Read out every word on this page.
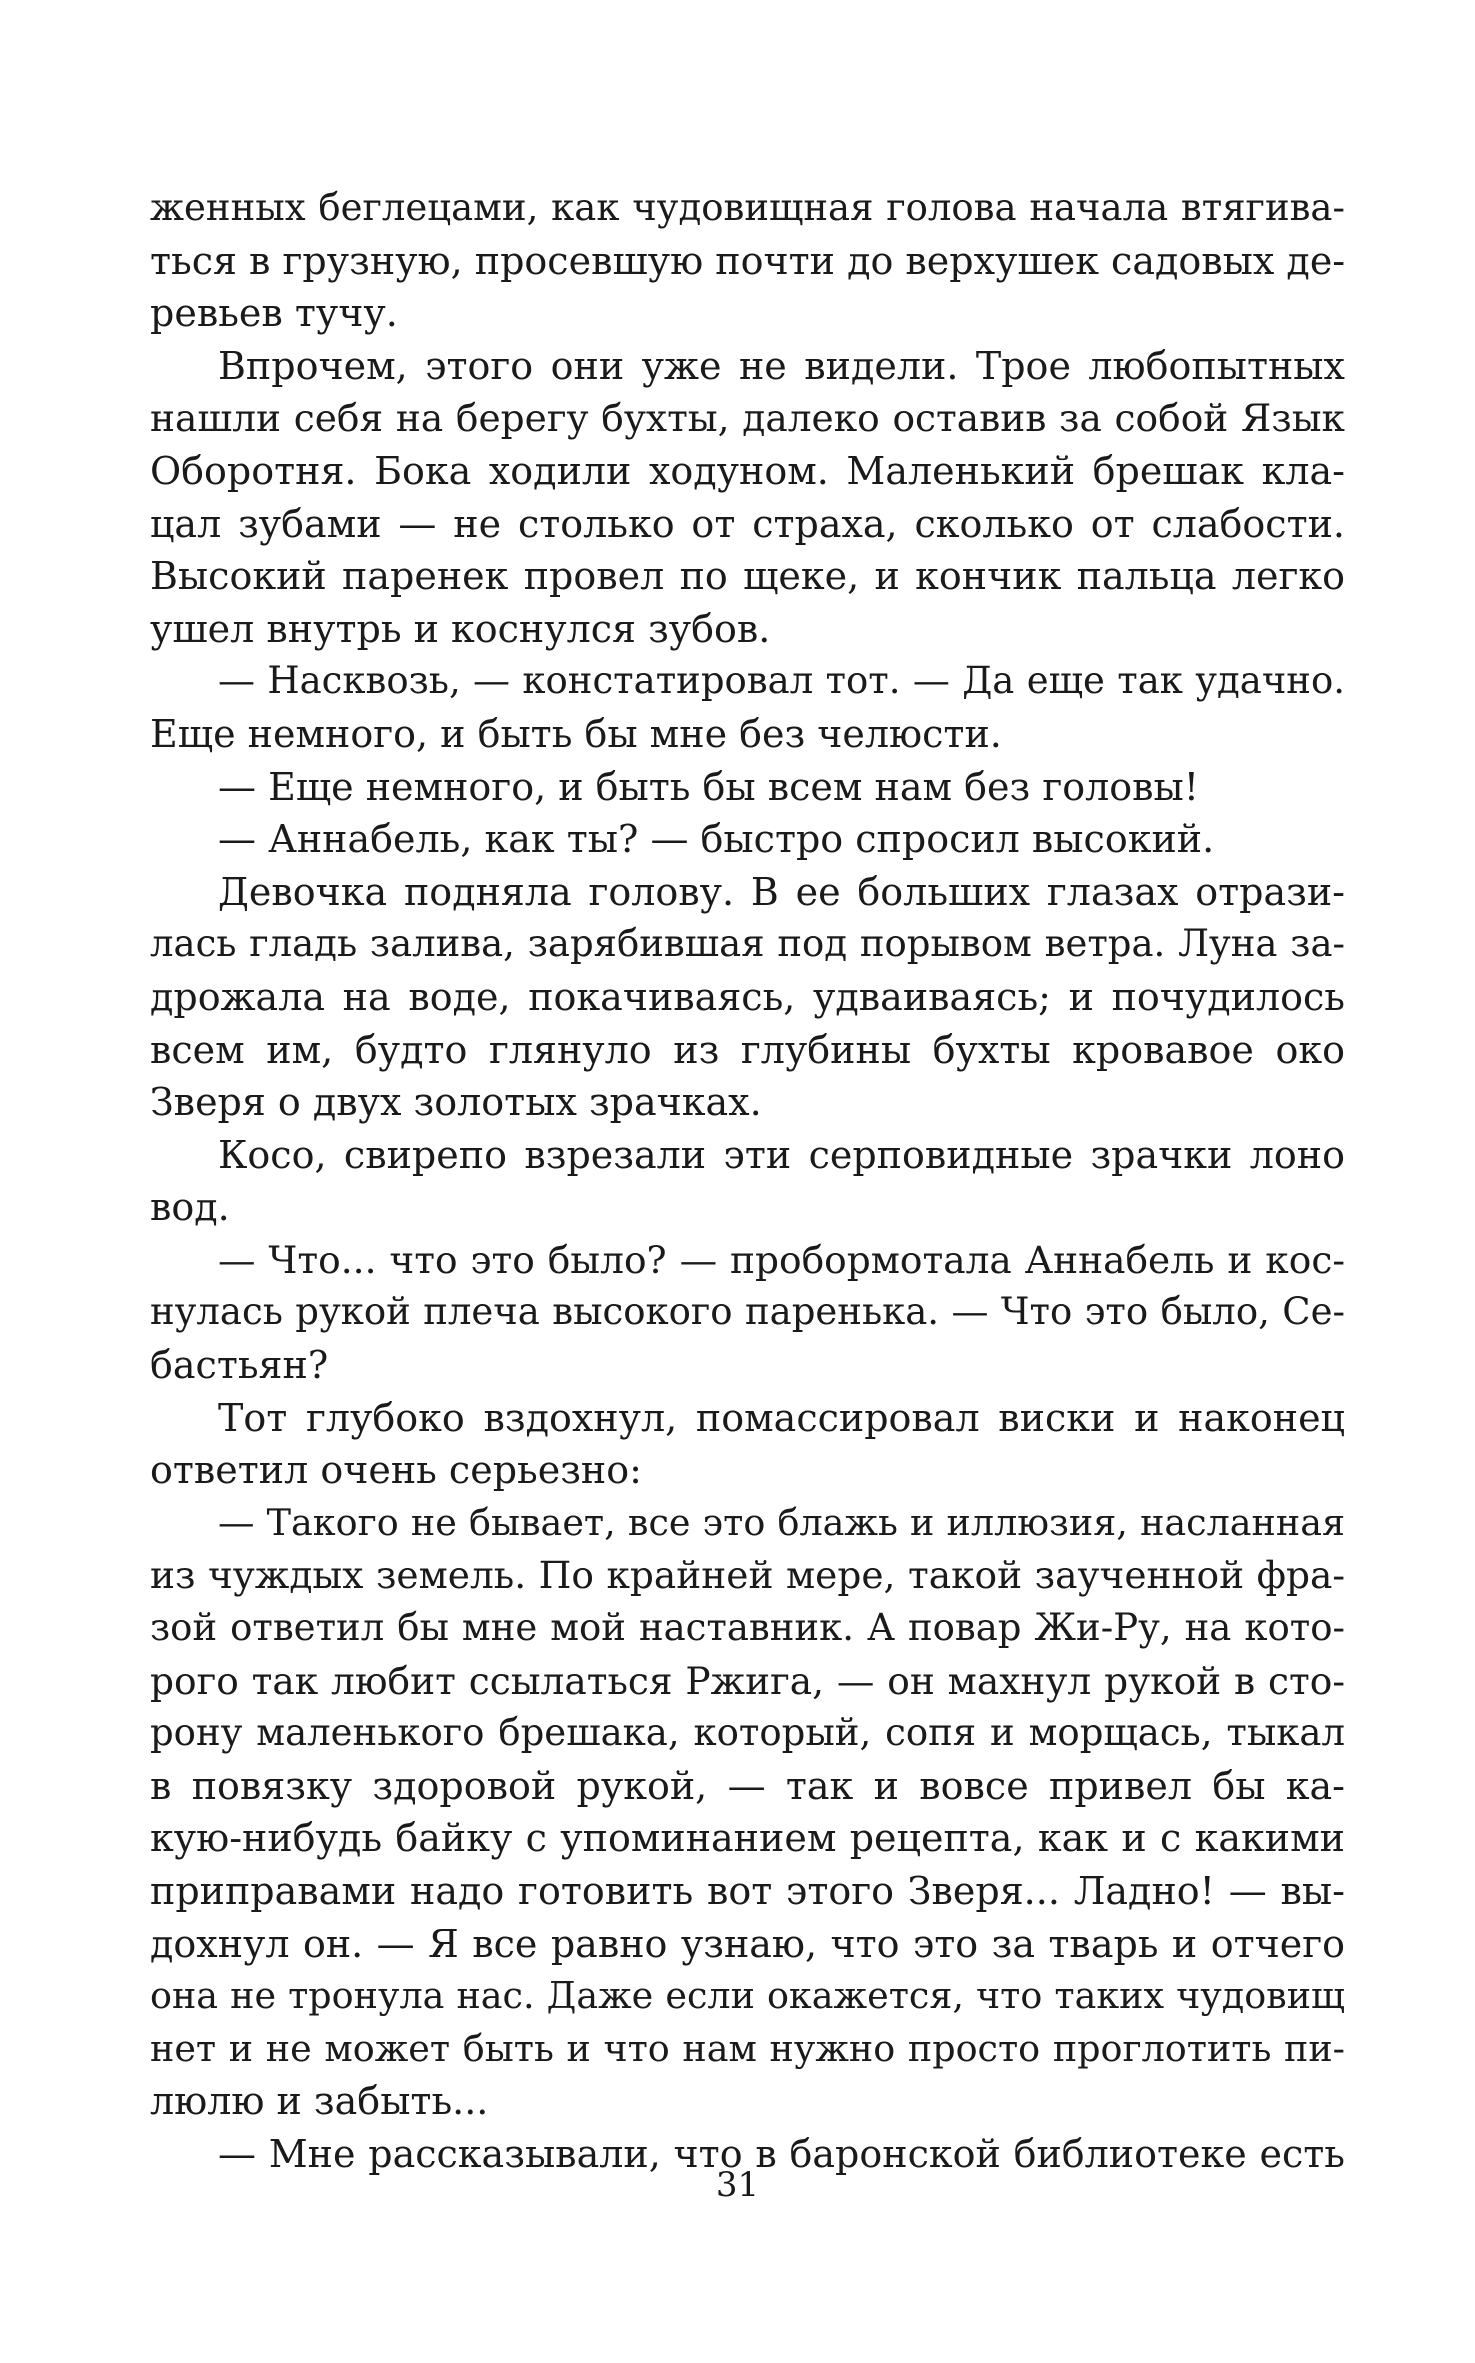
женных беглецами, как чудовищная голова начала втягива-
ться в грузную, просевшую почти до верхушек садовых де-
ревьев тучу.
Впрочем, этого они уже не видели. Трое любопытных
нашли себя на берегу бухты, далеко оставив за собой Язык
Оборотня. Бока ходили ходуном. Маленький брешак кла-
цал зубами — не столько от страха, сколько от слабости.
Высокий паренек провел по щеке, и кончик пальца легко
ушел внутрь и коснулся зубов.
— Насквозь, — констатировал тот. — Да еще так удачно.
Еще немного, и быть бы мне без челюсти.
— Еще немного, и быть бы всем нам без головы!
— Аннабель, как ты? — быстро спросил высокий.
Девочка подняла голову. В ее больших глазах отрази-
лась гладь залива, зарябившая под порывом ветра. Луна за-
дрожала на воде, покачиваясь, удваиваясь; и почудилось
всем им, будто глянуло из глубины бухты кровавое око
Зверя о двух золотых зрачках.
Косо, свирепо взрезали эти серповидные зрачки лоно
вод.
— Что... что это было? — пробормотала Аннабель и кос-
нулась рукой плеча высокого паренька. — Что это было, Се-
бастьян?
Тот глубоко вздохнул, помассировал виски и наконец
ответил очень серьезно:
— Такого не бывает, все это блажь и иллюзия, насланная
из чуждых земель. По крайней мере, такой заученной фра-
зой ответил бы мне мой наставник. А повар Жи-Ру, на кото-
рого так любит ссылаться Ржига, — он махнул рукой в сто-
рону маленького брешака, который, сопя и морщась, тыкал
в повязку здоровой рукой, — так и вовсе привел бы ка-
кую-нибудь байку с упоминанием рецепта, как и с какими
приправами надо готовить вот этого Зверя... Ладно! — вы-
дохнул он. — Я все равно узнаю, что это за тварь и отчего
она не тронула нас. Даже если окажется, что таких чудовищ
нет и не может быть и что нам нужно просто проглотить пи-
люлю и забыть...
— Мне рассказывали, что в баронской библиотеке есть
31
